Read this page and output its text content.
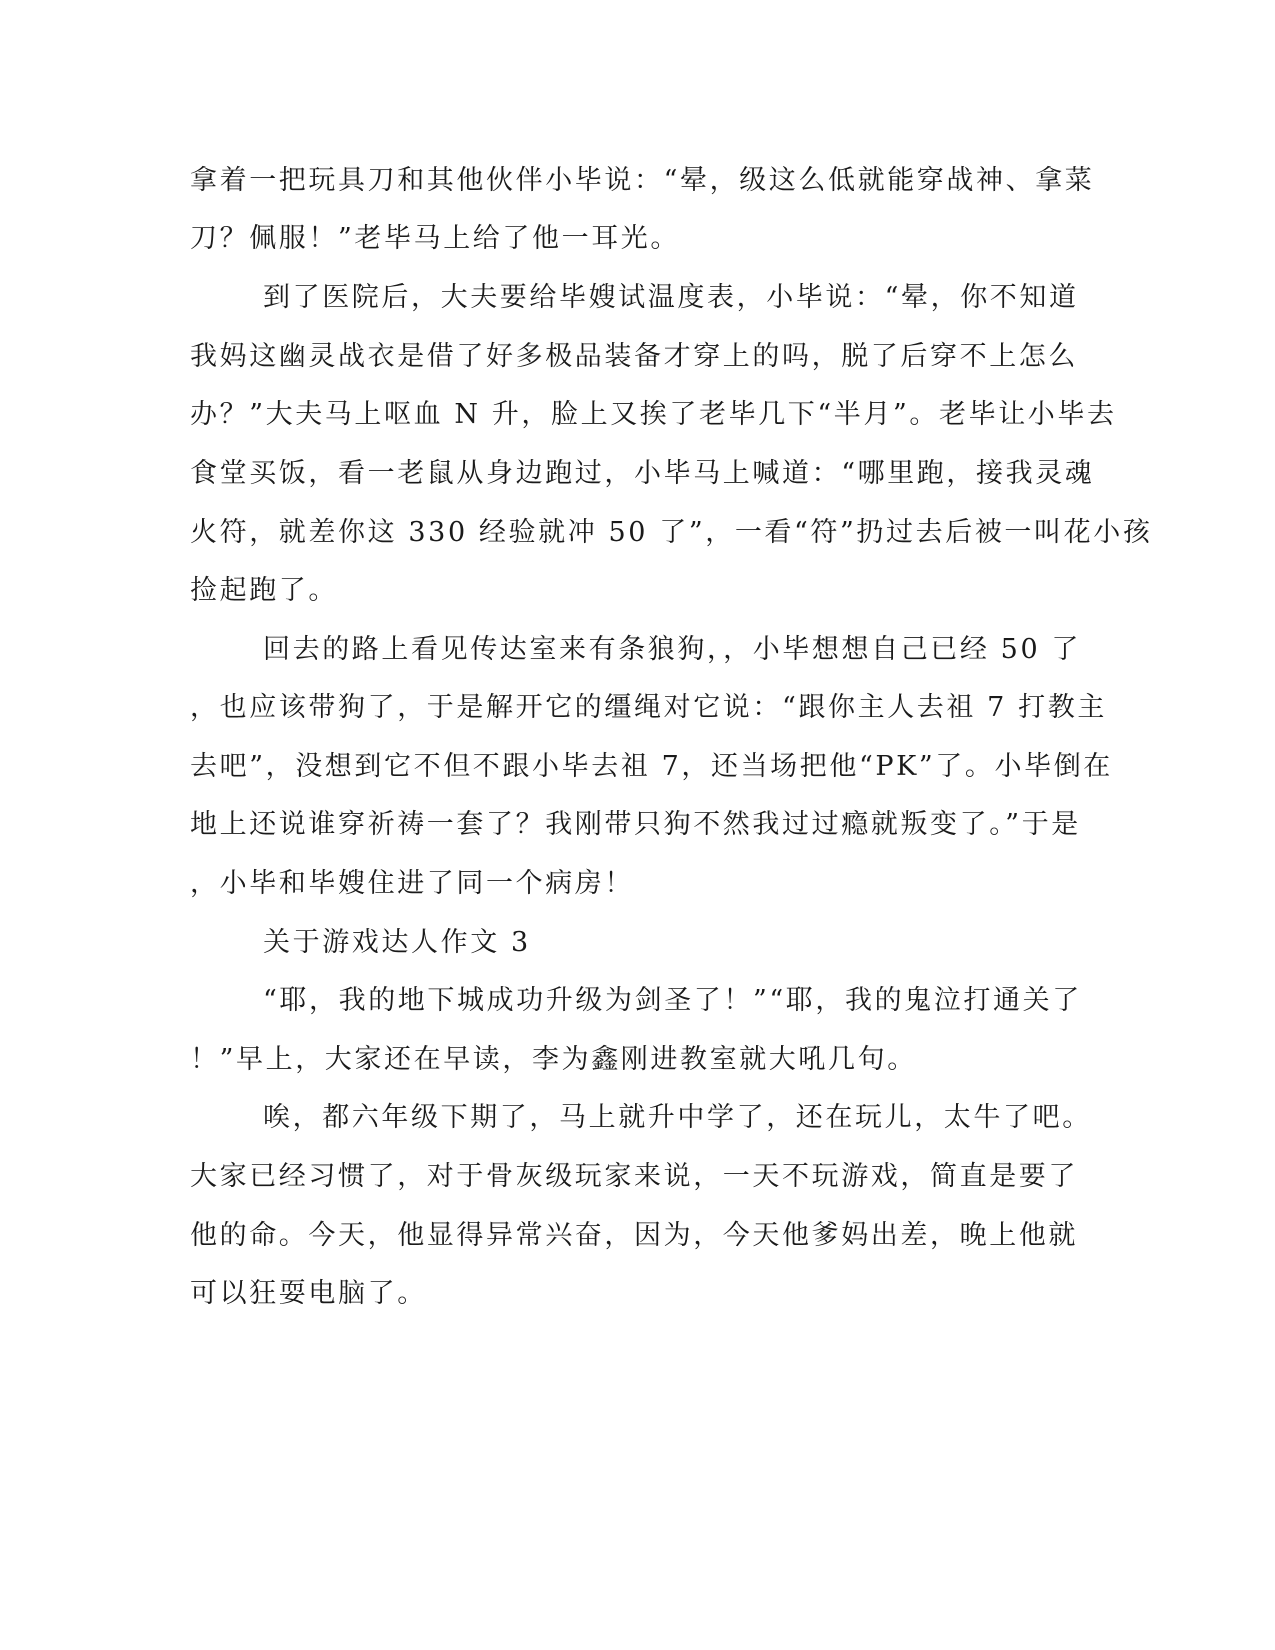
拿着一把玩具刀和其他伙伴小毕说：“晕，级这么低就能穿战神、拿菜
刀？佩服！”老毕马上给了他一耳光。
到了医院后，大夫要给毕嫂试温度表，小毕说：“晕，你不知道
我妈这幽灵战衣是借了好多极品装备才穿上的吗，脱了后穿不上怎么
办？”大夫马上呕血 N 升，脸上又挨了老毕几下“半月”。老毕让小毕去
食堂买饭，看一老鼠从身边跑过，小毕马上喊道：“哪里跑，接我灵魂
火符，就差你这 330 经验就冲 50 了”，一看“符”扔过去后被一叫花小孩
捡起跑了。
回去的路上看见传达室来有条狼狗，，小毕想想自己已经 50 了
，也应该带狗了，于是解开它的缰绳对它说：“跟你主人去祖 7 打教主
去吧”，没想到它不但不跟小毕去祖 7，还当场把他“PK”了。小毕倒在
地上还说谁穿祈祷一套了？我刚带只狗不然我过过瘾就叛变了。”于是
，小毕和毕嫂住进了同一个病房！
关于游戏达人作文 3
“耶，我的地下城成功升级为剑圣了！”“耶，我的鬼泣打通关了
！”早上，大家还在早读，李为鑫刚进教室就大吼几句。
唉，都六年级下期了，马上就升中学了，还在玩儿，太牛了吧。
大家已经习惯了，对于骨灰级玩家来说，一天不玩游戏，简直是要了
他的命。今天，他显得异常兴奋，因为，今天他爹妈出差，晚上他就
可以狂耍电脑了。
